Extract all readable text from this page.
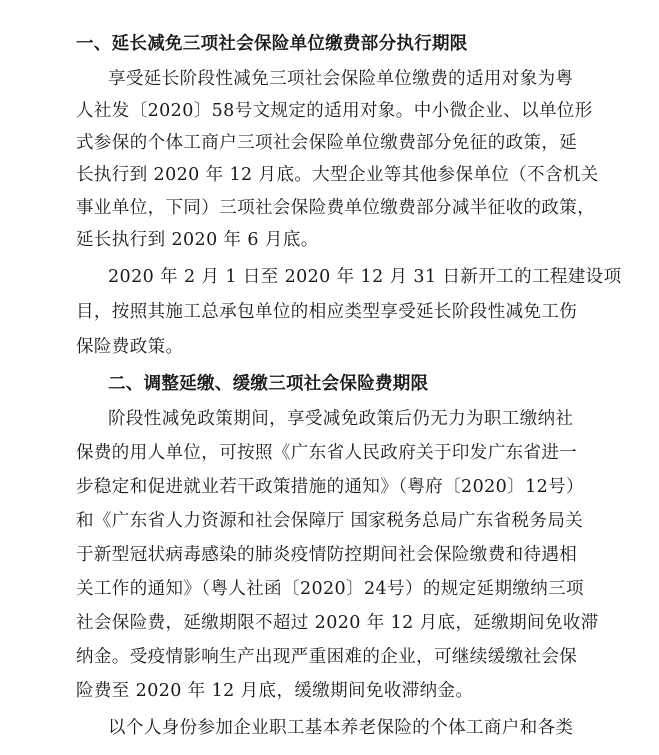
一、延长减免三项社会保险单位缴费部分执行期限
享受延长阶段性减免三项社会保险单位缴费的适用对象为粤
人社发〔2020〕58号文规定的适用对象。中小微企业、以单位形
式参保的个体工商户三项社会保险单位缴费部分免征的政策，延
长执行到 2020 年 12 月底。大型企业等其他参保单位（不含机关
事业单位，下同）三项社会保险费单位缴费部分减半征收的政策，
延长执行到 2020 年 6 月底。
2020 年 2 月 1 日至 2020 年 12 月 31 日新开工的工程建设项
目，按照其施工总承包单位的相应类型享受延长阶段性减免工伤
保险费政策。
二、调整延缴、缓缴三项社会保险费期限
阶段性减免政策期间，享受减免政策后仍无力为职工缴纳社
保费的用人单位，可按照《广东省人民政府关于印发广东省进一
步稳定和促进就业若干政策措施的通知》（粤府〔2020〕12号）
和《广东省人力资源和社会保障厅 国家税务总局广东省税务局关
于新型冠状病毒感染的肺炎疫情防控期间社会保险缴费和待遇相
关工作的通知》（粤人社函〔2020〕24号）的规定延期缴纳三项
社会保险费，延缴期限不超过 2020 年 12 月底，延缴期间免收滞
纳金。受疫情影响生产出现严重困难的企业，可继续缓缴社会保
险费至 2020 年 12 月底，缓缴期间免收滞纳金。
以个人身份参加企业职工基本养老保险的个体工商户和各类
